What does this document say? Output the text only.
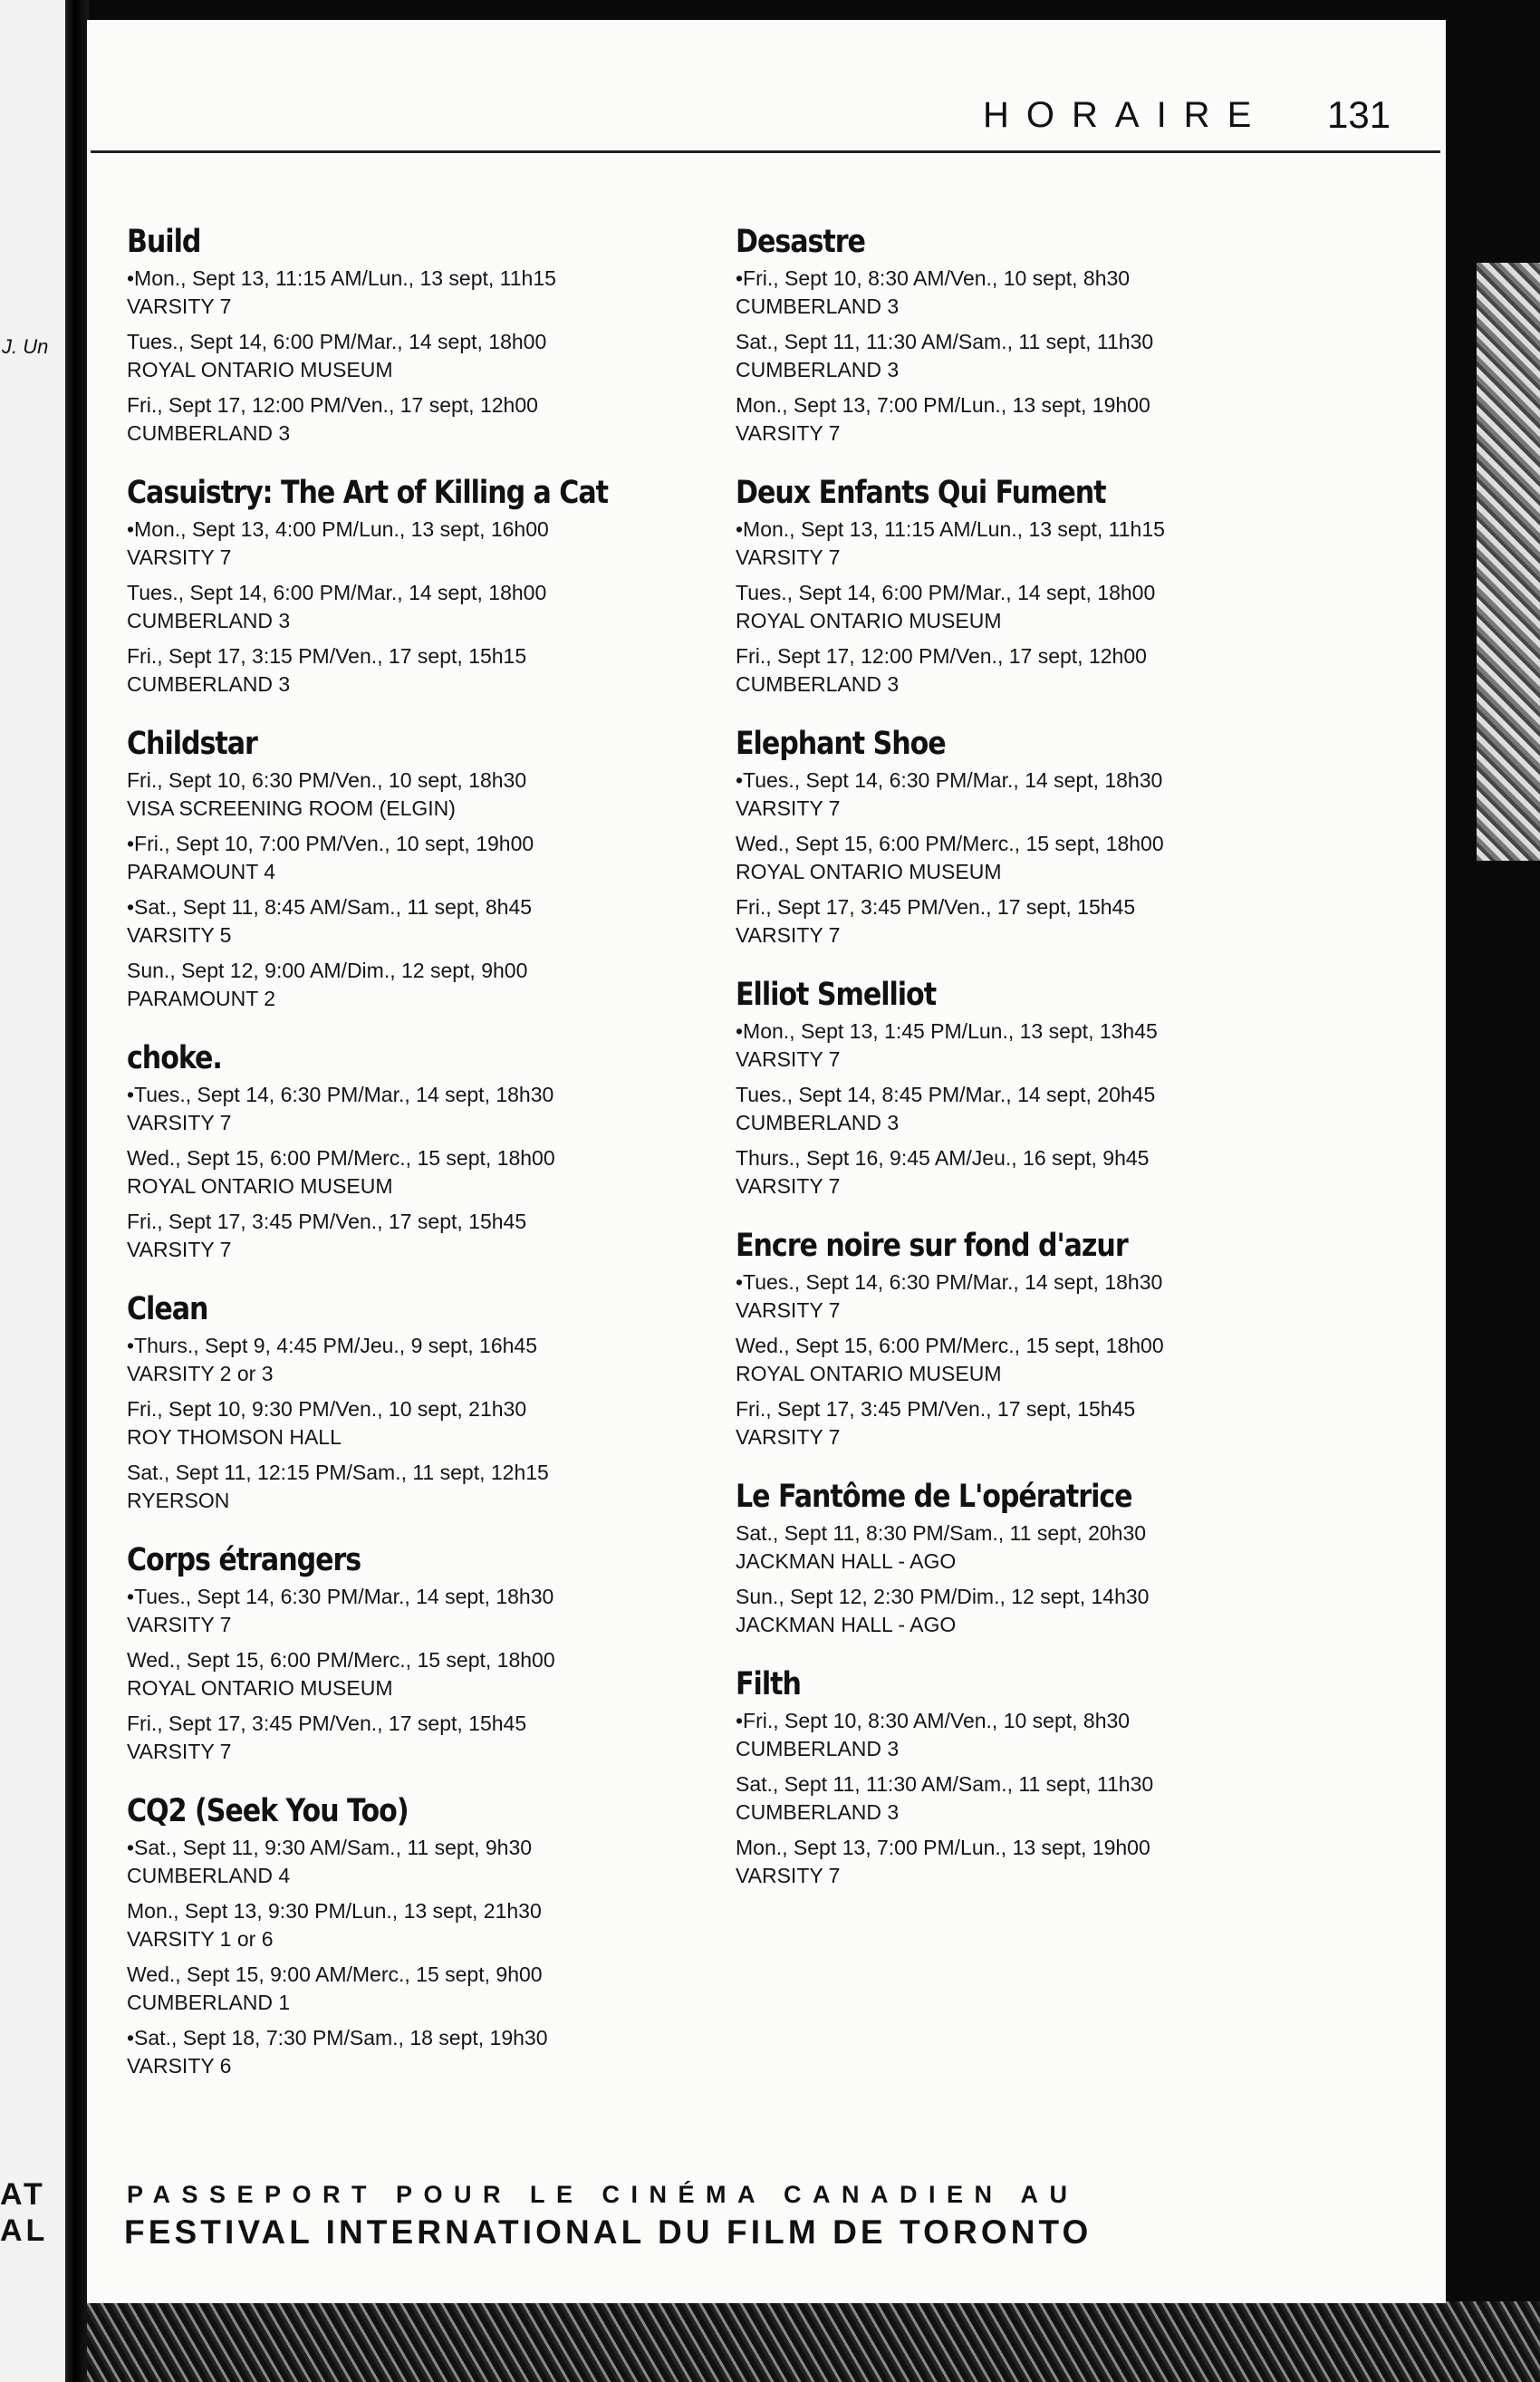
J. Un
AT
AL
HORAIRE 131
Build
•Mon., Sept 13, 11:15 AM/Lun., 13 sept, 11h15
VARSITY 7
Tues., Sept 14, 6:00 PM/Mar., 14 sept, 18h00
ROYAL ONTARIO MUSEUM
Fri., Sept 17, 12:00 PM/Ven., 17 sept, 12h00
CUMBERLAND 3
Casuistry: The Art of Killing a Cat
•Mon., Sept 13, 4:00 PM/Lun., 13 sept, 16h00
VARSITY 7
Tues., Sept 14, 6:00 PM/Mar., 14 sept, 18h00
CUMBERLAND 3
Fri., Sept 17, 3:15 PM/Ven., 17 sept, 15h15
CUMBERLAND 3
Childstar
Fri., Sept 10, 6:30 PM/Ven., 10 sept, 18h30
VISA SCREENING ROOM (ELGIN)
•Fri., Sept 10, 7:00 PM/Ven., 10 sept, 19h00
PARAMOUNT 4
•Sat., Sept 11, 8:45 AM/Sam., 11 sept, 8h45
VARSITY 5
Sun., Sept 12, 9:00 AM/Dim., 12 sept, 9h00
PARAMOUNT 2
choke.
•Tues., Sept 14, 6:30 PM/Mar., 14 sept, 18h30
VARSITY 7
Wed., Sept 15, 6:00 PM/Merc., 15 sept, 18h00
ROYAL ONTARIO MUSEUM
Fri., Sept 17, 3:45 PM/Ven., 17 sept, 15h45
VARSITY 7
Clean
•Thurs., Sept 9, 4:45 PM/Jeu., 9 sept, 16h45
VARSITY 2 or 3
Fri., Sept 10, 9:30 PM/Ven., 10 sept, 21h30
ROY THOMSON HALL
Sat., Sept 11, 12:15 PM/Sam., 11 sept, 12h15
RYERSON
Corps étrangers
•Tues., Sept 14, 6:30 PM/Mar., 14 sept, 18h30
VARSITY 7
Wed., Sept 15, 6:00 PM/Merc., 15 sept, 18h00
ROYAL ONTARIO MUSEUM
Fri., Sept 17, 3:45 PM/Ven., 17 sept, 15h45
VARSITY 7
CQ2 (Seek You Too)
•Sat., Sept 11, 9:30 AM/Sam., 11 sept, 9h30
CUMBERLAND 4
Mon., Sept 13, 9:30 PM/Lun., 13 sept, 21h30
VARSITY 1 or 6
Wed., Sept 15, 9:00 AM/Merc., 15 sept, 9h00
CUMBERLAND 1
•Sat., Sept 18, 7:30 PM/Sam., 18 sept, 19h30
VARSITY 6
Desastre
•Fri., Sept 10, 8:30 AM/Ven., 10 sept, 8h30
CUMBERLAND 3
Sat., Sept 11, 11:30 AM/Sam., 11 sept, 11h30
CUMBERLAND 3
Mon., Sept 13, 7:00 PM/Lun., 13 sept, 19h00
VARSITY 7
Deux Enfants Qui Fument
•Mon., Sept 13, 11:15 AM/Lun., 13 sept, 11h15
VARSITY 7
Tues., Sept 14, 6:00 PM/Mar., 14 sept, 18h00
ROYAL ONTARIO MUSEUM
Fri., Sept 17, 12:00 PM/Ven., 17 sept, 12h00
CUMBERLAND 3
Elephant Shoe
•Tues., Sept 14, 6:30 PM/Mar., 14 sept, 18h30
VARSITY 7
Wed., Sept 15, 6:00 PM/Merc., 15 sept, 18h00
ROYAL ONTARIO MUSEUM
Fri., Sept 17, 3:45 PM/Ven., 17 sept, 15h45
VARSITY 7
Elliot Smelliot
•Mon., Sept 13, 1:45 PM/Lun., 13 sept, 13h45
VARSITY 7
Tues., Sept 14, 8:45 PM/Mar., 14 sept, 20h45
CUMBERLAND 3
Thurs., Sept 16, 9:45 AM/Jeu., 16 sept, 9h45
VARSITY 7
Encre noire sur fond d'azur
•Tues., Sept 14, 6:30 PM/Mar., 14 sept, 18h30
VARSITY 7
Wed., Sept 15, 6:00 PM/Merc., 15 sept, 18h00
ROYAL ONTARIO MUSEUM
Fri., Sept 17, 3:45 PM/Ven., 17 sept, 15h45
VARSITY 7
Le Fantôme de L'opératrice
Sat., Sept 11, 8:30 PM/Sam., 11 sept, 20h30
JACKMAN HALL - AGO
Sun., Sept 12, 2:30 PM/Dim., 12 sept, 14h30
JACKMAN HALL - AGO
Filth
•Fri., Sept 10, 8:30 AM/Ven., 10 sept, 8h30
CUMBERLAND 3
Sat., Sept 11, 11:30 AM/Sam., 11 sept, 11h30
CUMBERLAND 3
Mon., Sept 13, 7:00 PM/Lun., 13 sept, 19h00
VARSITY 7
PASSEPORT POUR LE CINÉMA CANADIEN AU
FESTIVAL INTERNATIONAL DU FILM DE TORONTO
